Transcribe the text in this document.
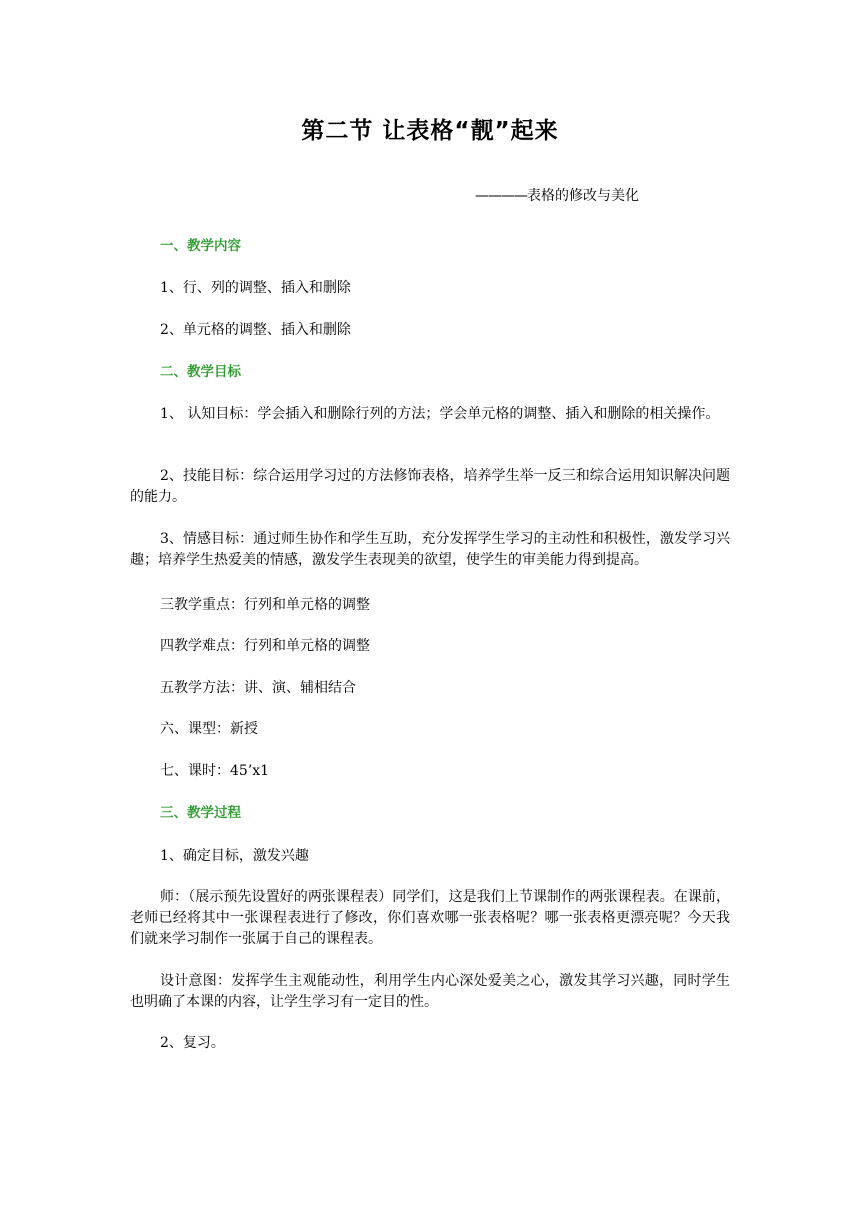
第二节 让表格“靓”起来
————表格的修改与美化
一、教学内容
1、行、列的调整、插入和删除
2、单元格的调整、插入和删除
二、教学目标
1、 认知目标：学会插入和删除行列的方法；学会单元格的调整、插入和删除的相关操作。
2、技能目标：综合运用学习过的方法修饰表格，培养学生举一反三和综合运用知识解决问题的能力。
3、情感目标：通过师生协作和学生互助，充分发挥学生学习的主动性和积极性，激发学习兴趣；培养学生热爱美的情感，激发学生表现美的欲望，使学生的审美能力得到提高。
三教学重点：行列和单元格的调整
四教学难点：行列和单元格的调整
五教学方法：讲、演、辅相结合
六、课型：新授
七、课时：45’x1
三、教学过程
1、确定目标，激发兴趣
师：（展示预先设置好的两张课程表）同学们，这是我们上节课制作的两张课程表。在课前，老师已经将其中一张课程表进行了修改，你们喜欢哪一张表格呢？哪一张表格更漂亮呢？今天我们就来学习制作一张属于自己的课程表。
设计意图：发挥学生主观能动性，利用学生内心深处爱美之心，激发其学习兴趣，同时学生也明确了本课的内容，让学生学习有一定目的性。
2、复习。
